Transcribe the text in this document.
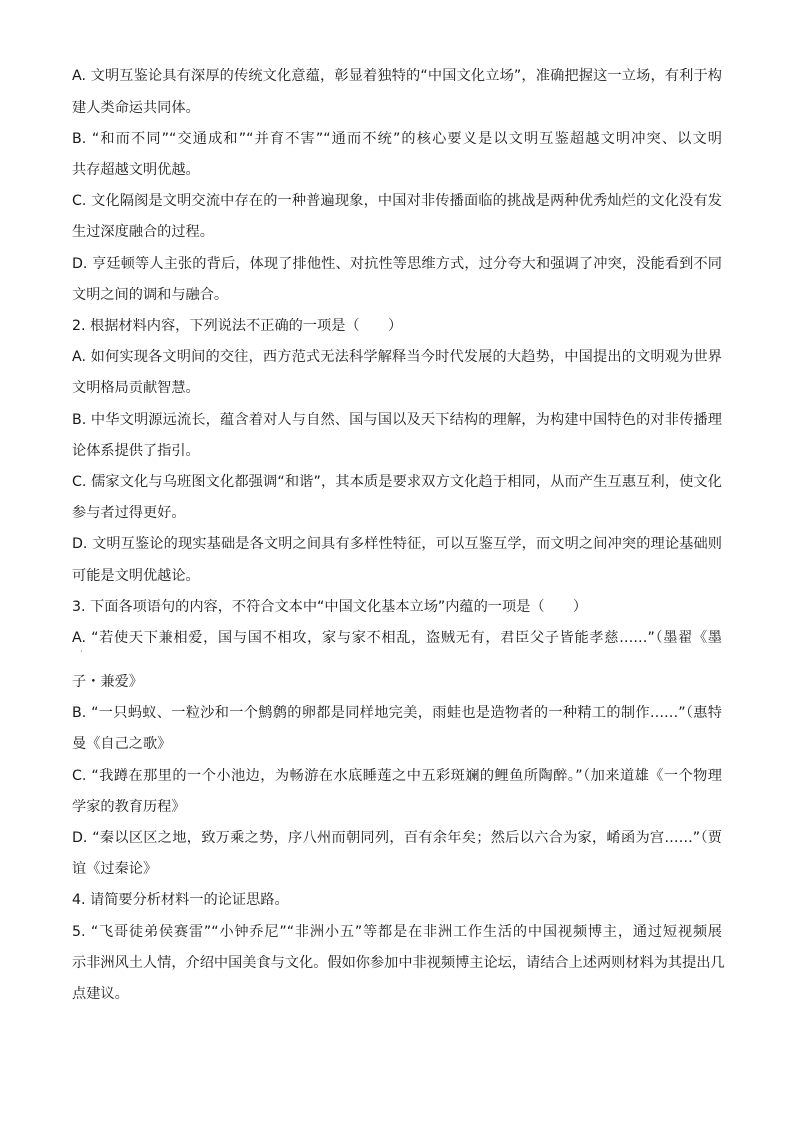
A. 文明互鉴论具有深厚的传统文化意蕴，彰显着独特的“中国文化立场”，准确把握这一立场，有利于构
建人类命运共同体。
B. “和而不同”“交通成和”“并育不害”“通而不统”的核心要义是以文明互鉴超越文明冲突、以文明
共存超越文明优越。
C. 文化隔阂是文明交流中存在的一种普遍现象，中国对非传播面临的挑战是两种优秀灿烂的文化没有发
生过深度融合的过程。
D. 亨廷顿等人主张的背后，体现了排他性、对抗性等思维方式，过分夸大和强调了冲突，没能看到不同
文明之间的调和与融合。
2. 根据材料内容，下列说法不正确的一项是（　　）
A. 如何实现各文明间的交往，西方范式无法科学解释当今时代发展的大趋势，中国提出的文明观为世界
文明格局贡献智慧。
B. 中华文明源远流长，蕴含着对人与自然、国与国以及天下结构的理解，为构建中国特色的对非传播理
论体系提供了指引。
C. 儒家文化与乌班图文化都强调“和谐”，其本质是要求双方文化趋于相同，从而产生互惠互利，使文化
参与者过得更好。
D. 文明互鉴论的现实基础是各文明之间具有多样性特征，可以互鉴互学，而文明之间冲突的理论基础则
可能是文明优越论。
3. 下面各项语句的内容，不符合文本中“中国文化基本立场”内蕴的一项是（　　）
A. “若使天下兼相爱，国与国不相攻，家与家不相乱，盗贼无有，君臣父子皆能孝慈……”（墨翟《墨
·
子・兼爱》
B. “一只蚂蚁、一粒沙和一个鹪鹩的卵都是同样地完美，雨蛙也是造物者的一种精工的制作……”（惠特
曼《自己之歌》
C. “我蹲在那里的一个小池边，为畅游在水底睡莲之中五彩斑斓的鲤鱼所陶醉。”（加来道雄《一个物理
学家的教育历程》
D. “秦以区区之地，致万乘之势，序八州而朝同列，百有余年矣；然后以六合为家，崤函为宫……”（贾
谊《过秦论》
4. 请简要分析材料一的论证思路。
5. “飞哥徒弟侯赛雷”“小钟乔尼”“非洲小五”等都是在非洲工作生活的中国视频博主，通过短视频展
示非洲风土人情，介绍中国美食与文化。假如你参加中非视频博主论坛，请结合上述两则材料为其提出几
点建议。
